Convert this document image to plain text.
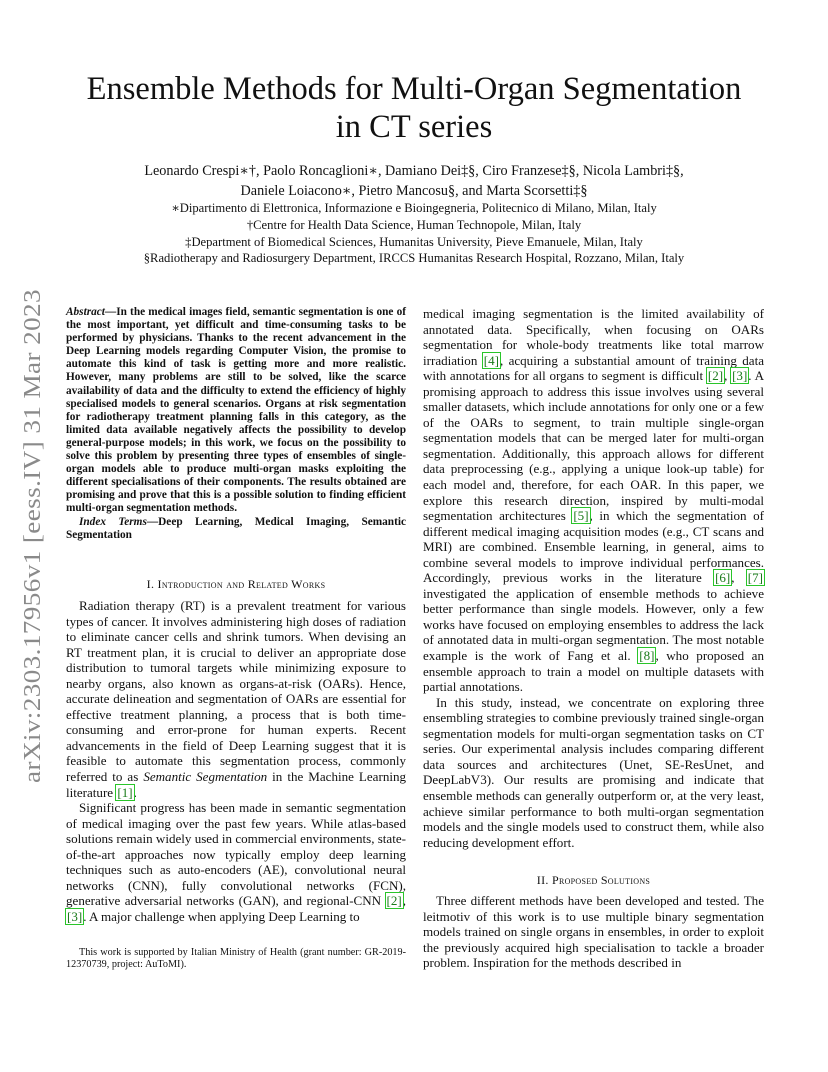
arXiv:2303.17956v1 [eess.IV] 31 Mar 2023
Ensemble Methods for Multi-Organ Segmentation
in CT series
Leonardo Crespi∗†, Paolo Roncaglioni∗, Damiano Dei‡§, Ciro Franzese‡§, Nicola Lambri‡§,
Daniele Loiacono∗, Pietro Mancosu§, and Marta Scorsetti‡§
∗Dipartimento di Elettronica, Informazione e Bioingegneria, Politecnico di Milano, Milan, Italy
†Centre for Health Data Science, Human Technopole, Milan, Italy
‡Department of Biomedical Sciences, Humanitas University, Pieve Emanuele, Milan, Italy
§Radiotherapy and Radiosurgery Department, IRCCS Humanitas Research Hospital, Rozzano, Milan, Italy

Abstract—In the medical images field, semantic segmentation is one of the most important, yet difficult and time-consuming tasks to be performed by physicians. Thanks to the recent advancement in the Deep Learning models regarding Computer Vision, the promise to automate this kind of task is getting more and more realistic. However, many problems are still to be solved, like the scarce availability of data and the difficulty to extend the efficiency of highly specialised models to general scenarios. Organs at risk segmentation for radiotherapy treatment planning falls in this category, as the limited data available negatively affects the possibility to develop general-purpose models; in this work, we focus on the possibility to solve this problem by presenting three types of ensembles of single-organ models able to produce multi-organ masks exploiting the different specialisations of their components. The results obtained are promising and prove that this is a possible solution to finding efficient multi-organ segmentation methods.

Index Terms—Deep Learning, Medical Imaging, Semantic Segmentation

I. Introduction and Related Works

Radiation therapy (RT) is a prevalent treatment for various types of cancer. It involves administering high doses of radiation to eliminate cancer cells and shrink tumors. When devising an RT treatment plan, it is crucial to deliver an appropriate dose distribution to tumoral targets while minimizing exposure to nearby organs, also known as organs-at-risk (OARs). Hence, accurate delineation and segmentation of OARs are essential for effective treatment planning, a process that is both time-consuming and error-prone for human experts. Recent advancements in the field of Deep Learning suggest that it is feasible to automate this segmentation process, commonly referred to as Semantic Segmentation in the Machine Learning literature [1].

Significant progress has been made in semantic segmentation of medical imaging over the past few years. While atlas-based solutions remain widely used in commercial environments, state-of-the-art approaches now typically employ deep learning techniques such as auto-encoders (AE), convolutional neural networks (CNN), fully convolutional networks (FCN), generative adversarial networks (GAN), and regional-CNN [2], [3]. A major challenge when applying Deep Learning to

This work is supported by Italian Ministry of Health (grant number: GR-2019-12370739, project: AuToMI).

medical imaging segmentation is the limited availability of annotated data. Specifically, when focusing on OARs segmentation for whole-body treatments like total marrow irradiation [4], acquiring a substantial amount of training data with annotations for all organs to segment is difficult [2], [3]. A promising approach to address this issue involves using several smaller datasets, which include annotations for only one or a few of the OARs to segment, to train multiple single-organ segmentation models that can be merged later for multi-organ segmentation. Additionally, this approach allows for different data preprocessing (e.g., applying a unique look-up table) for each model and, therefore, for each OAR. In this paper, we explore this research direction, inspired by multi-modal segmentation architectures [5], in which the segmentation of different medical imaging acquisition modes (e.g., CT scans and MRI) are combined. Ensemble learning, in general, aims to combine several models to improve individual performances. Accordingly, previous works in the literature [6], [7] investigated the application of ensemble methods to achieve better performance than single models. However, only a few works have focused on employing ensembles to address the lack of annotated data in multi-organ segmentation. The most notable example is the work of Fang et al. [8], who proposed an ensemble approach to train a model on multiple datasets with partial annotations.

In this study, instead, we concentrate on exploring three ensembling strategies to combine previously trained single-organ segmentation models for multi-organ segmentation tasks on CT series. Our experimental analysis includes comparing different data sources and architectures (Unet, SE-ResUnet, and DeepLabV3). Our results are promising and indicate that ensemble methods can generally outperform or, at the very least, achieve similar performance to both multi-organ segmentation models and the single models used to construct them, while also reducing development effort.

II. Proposed Solutions

Three different methods have been developed and tested. The leitmotiv of this work is to use multiple binary segmentation models trained on single organs in ensembles, in order to exploit the previously acquired high specialisation to tackle a broader problem. Inspiration for the methods described in
